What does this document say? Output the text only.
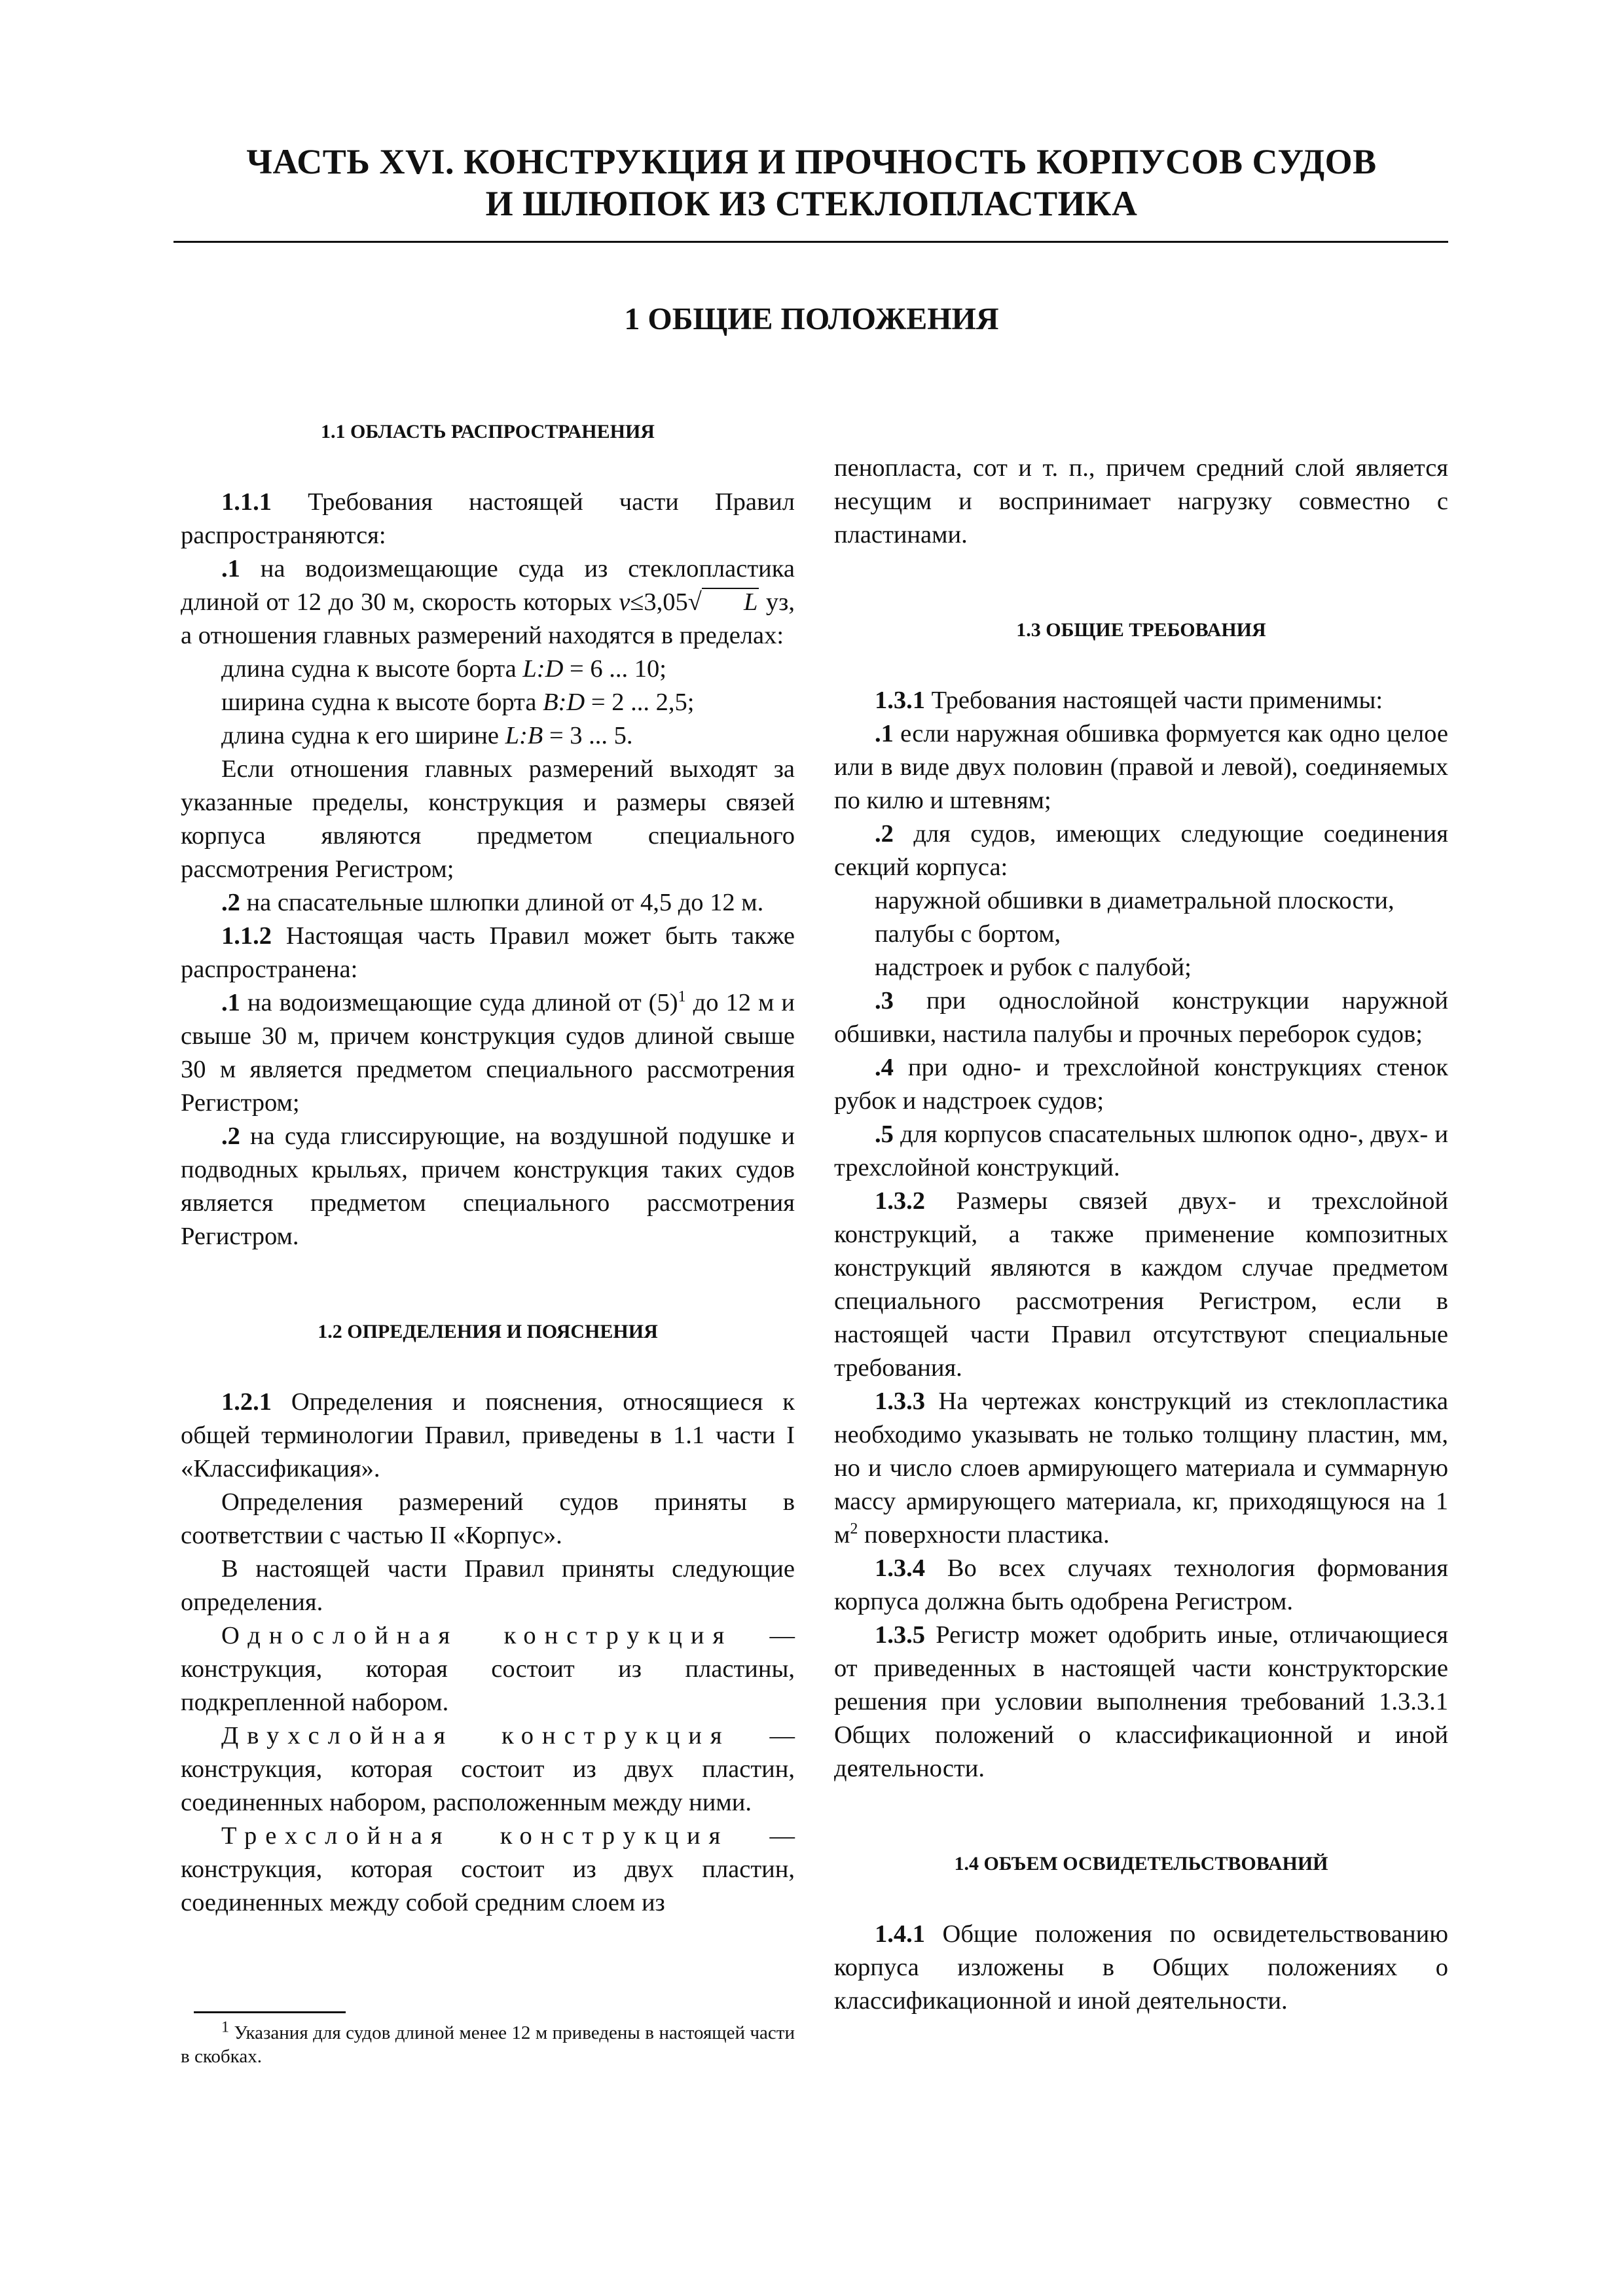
ЧАСТЬ XVI. КОНСТРУКЦИЯ И ПРОЧНОСТЬ КОРПУСОВ СУДОВ
И ШЛЮПОК ИЗ СТЕКЛОПЛАСТИКА
1 ОБЩИЕ ПОЛОЖЕНИЯ

1.1 ОБЛАСТЬ РАСПРОСТРАНЕНИЯ

1.1.1 Требования настоящей части Правил распространяются:

.1 на водоизмещающие суда из стеклопластика длиной от 12 до 30 м, скорость которых v≤3,05√ L уз, а отношения главных размерений находятся в пределах:

длина судна к высоте борта L:D = 6 ... 10;

ширина судна к высоте борта B:D = 2 ... 2,5;

длина судна к его ширине L:B = 3 ... 5.

Если отношения главных размерений выходят за указанные пределы, конструкция и размеры связей корпуса являются предметом специального рассмотрения Регистром;

.2 на спасательные шлюпки длиной от 4,5 до 12 м.

1.1.2 Настоящая часть Правил может быть также распространена:

.1 на водоизмещающие суда длиной от $(5)^1$ до 12 м и свыше 30 м, причем конструкция судов длиной свыше 30 м является предметом специального рассмотрения Регистром;

.2 на суда глиссирующие, на воздушной подушке и подводных крыльях, причем конструкция таких судов является предметом специального рассмотрения Регистром.

1.2 ОПРЕДЕЛЕНИЯ И ПОЯСНЕНИЯ

1.2.1 Определения и пояснения, относящиеся к общей терминологии Правил, приведены в 1.1 части I «Классификация».

Определения размерений судов приняты в соответствии с частью II «Корпус».

В настоящей части Правил приняты следующие определения.

Однослойная конструкция — конструкция, которая состоит из пластины, подкрепленной набором.

Двухслойная конструкция — конструкция, которая состоит из двух пластин, соединенных набором, расположенным между ними.

Трехслойная конструкция — конструкция, которая состоит из двух пластин, соединенных между собой средним слоем из

$^1$ Указания для судов длиной менее 12 м приведены в настоящей части в скобках.

пенопласта, сот и т. п., причем средний слой является несущим и воспринимает нагрузку совместно с пластинами.

1.3 ОБЩИЕ ТРЕБОВАНИЯ

1.3.1 Требования настоящей части применимы:

.1 если наружная обшивка формуется как одно целое или в виде двух половин (правой и левой), соединяемых по килю и штевням;

.2 для судов, имеющих следующие соединения секций корпуса:

наружной обшивки в диаметральной плоскости,

палубы с бортом,

надстроек и рубок с палубой;

.3 при однослойной конструкции наружной обшивки, настила палубы и прочных переборок судов;

.4 при одно- и трехслойной конструкциях стенок рубок и надстроек судов;

.5 для корпусов спасательных шлюпок одно-, двух- и трехслойной конструкций.

1.3.2 Размеры связей двух- и трехслойной конструкций, а также применение композитных конструкций являются в каждом случае предметом специального рассмотрения Регистром, если в настоящей части Правил отсутствуют специальные требования.

1.3.3 На чертежах конструкций из стеклопластика необходимо указывать не только толщину пластин, мм, но и число слоев армирующего материала и суммарную массу армирующего материала, кг, приходящуюся на 1 $м^2$ поверхности пластика.

1.3.4 Во всех случаях технология формования корпуса должна быть одобрена Регистром.

1.3.5 Регистр может одобрить иные, отличающиеся от приведенных в настоящей части конструкторские решения при условии выполнения требований 1.3.3.1 Общих положений о классификационной и иной деятельности.

1.4 ОБЪЕМ ОСВИДЕТЕЛЬСТВОВАНИЙ

1.4.1 Общие положения по освидетельствованию корпуса изложены в Общих положениях о классификационной и иной деятельности.
